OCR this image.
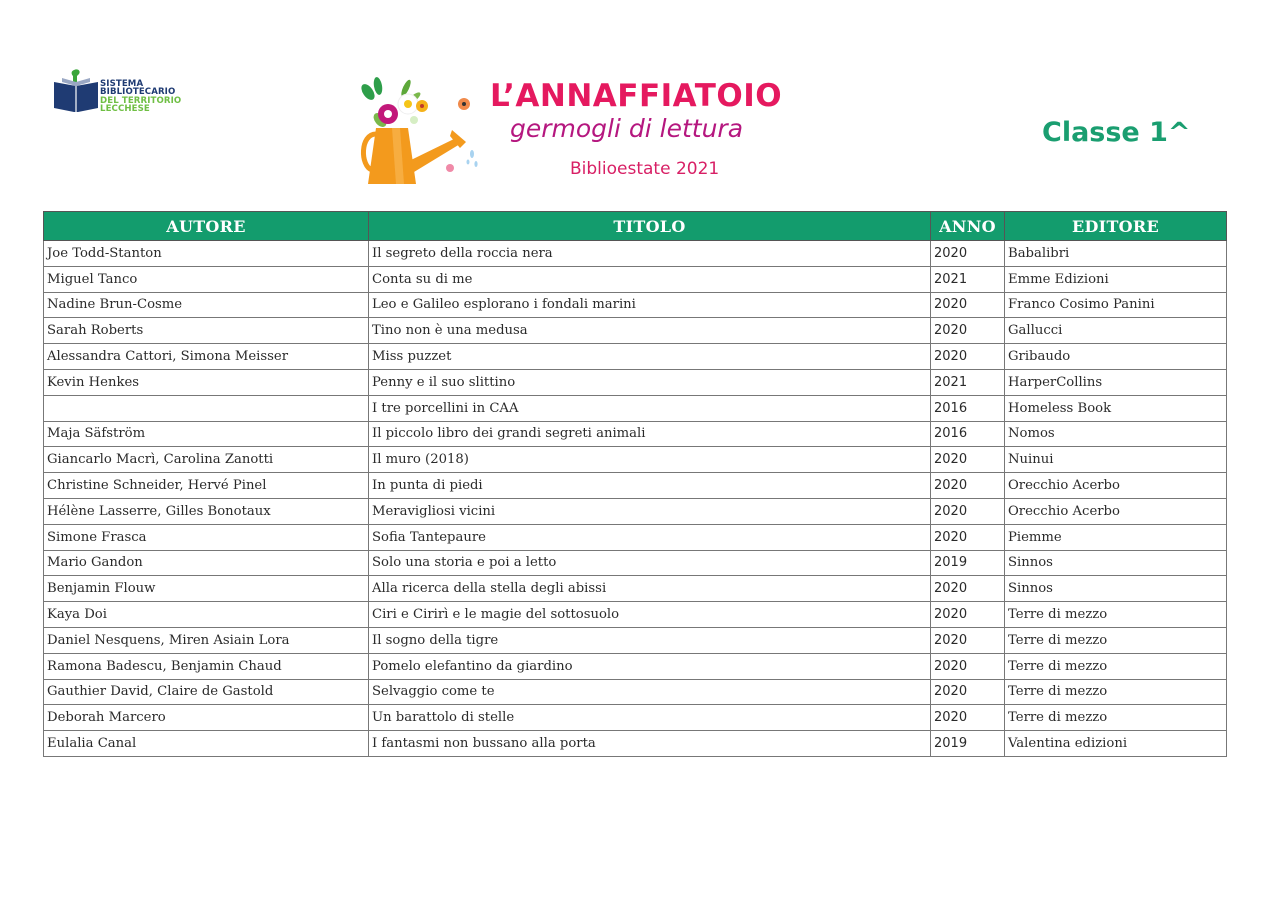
SISTEMA
BIBLIOTECARIO
DEL TERRITORIO
LECCHESE	L’ANNAFFIATOIO
germogli di lettura
Biblioestate 2021
Classe 1^
AUTORE	TITOLO	ANNO	EDITORE
Joe Todd-Stanton	Il segreto della roccia nera	2020	Babalibri
Miguel Tanco	Conta su di me	2021	Emme Edizioni
Nadine Brun-Cosme	Leo e Galileo esplorano i fondali marini	2020	Franco Cosimo Panini
Sarah Roberts	Tino non è una medusa	2020	Gallucci
Alessandra Cattori, Simona Meisser	Miss puzzet	2020	Gribaudo
Kevin Henkes	Penny e il suo slittino	2021	HarperCollins
	I tre porcellini in CAA	2016	Homeless Book
Maja Säfström	Il piccolo libro dei grandi segreti animali	2016	Nomos
Giancarlo Macrì, Carolina Zanotti	Il muro (2018)	2020	Nuinui
Christine Schneider, Hervé Pinel	In punta di piedi	2020	Orecchio Acerbo
Hélène Lasserre, Gilles Bonotaux	Meravigliosi vicini	2020	Orecchio Acerbo
Simone Frasca	Sofia Tantepaure	2020	Piemme
Mario Gandon	Solo una storia e poi a letto	2019	Sinnos
Benjamin Flouw	Alla ricerca della stella degli abissi	2020	Sinnos
Kaya Doi	Ciri e Cirirì e le magie del sottosuolo	2020	Terre di mezzo
Daniel Nesquens, Miren Asiain Lora	Il sogno della tigre	2020	Terre di mezzo
Ramona Badescu, Benjamin Chaud	Pomelo elefantino da giardino	2020	Terre di mezzo
Gauthier David, Claire de Gastold	Selvaggio come te	2020	Terre di mezzo
Deborah Marcero	Un barattolo di stelle	2020	Terre di mezzo
Eulalia Canal	I fantasmi non bussano alla porta	2019	Valentina edizioni
